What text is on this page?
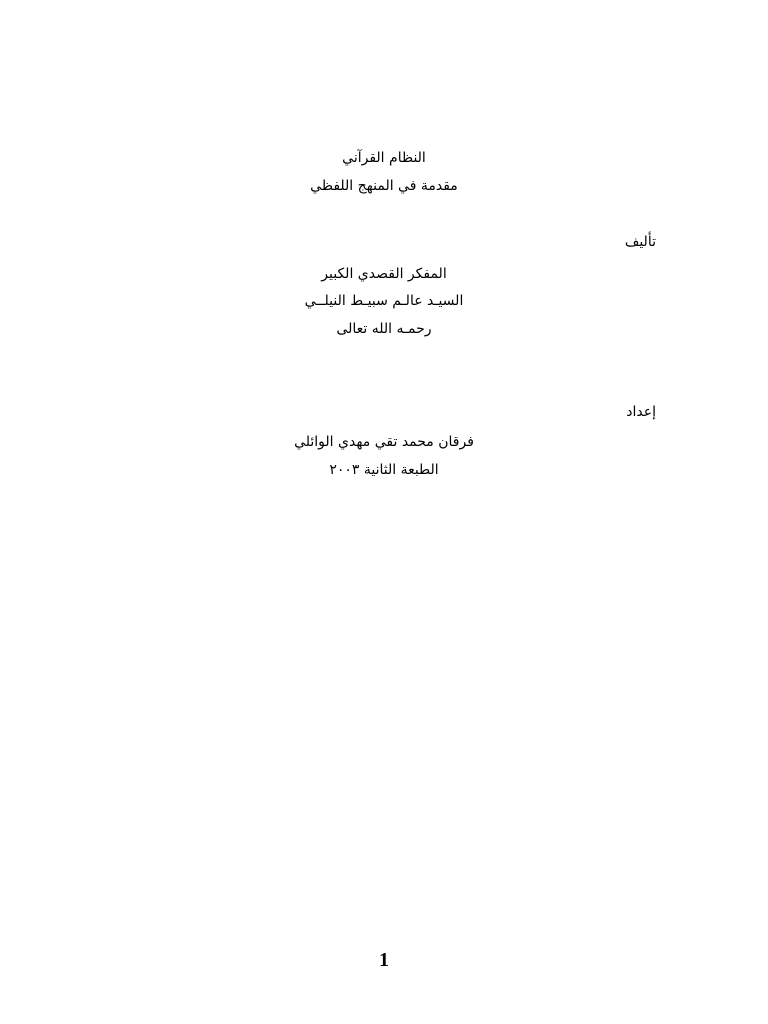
النظام القرآني
مقدمة في المنهج اللفظي
تأليف
المفكر القصدي الكبير
السيـد عالـم سبيـط النيلــي
رحمـه الله تعالى
إعداد
فرقان محمد تقي مهدي الوائلي
الطبعة الثانية ٢٠٠٣
1
